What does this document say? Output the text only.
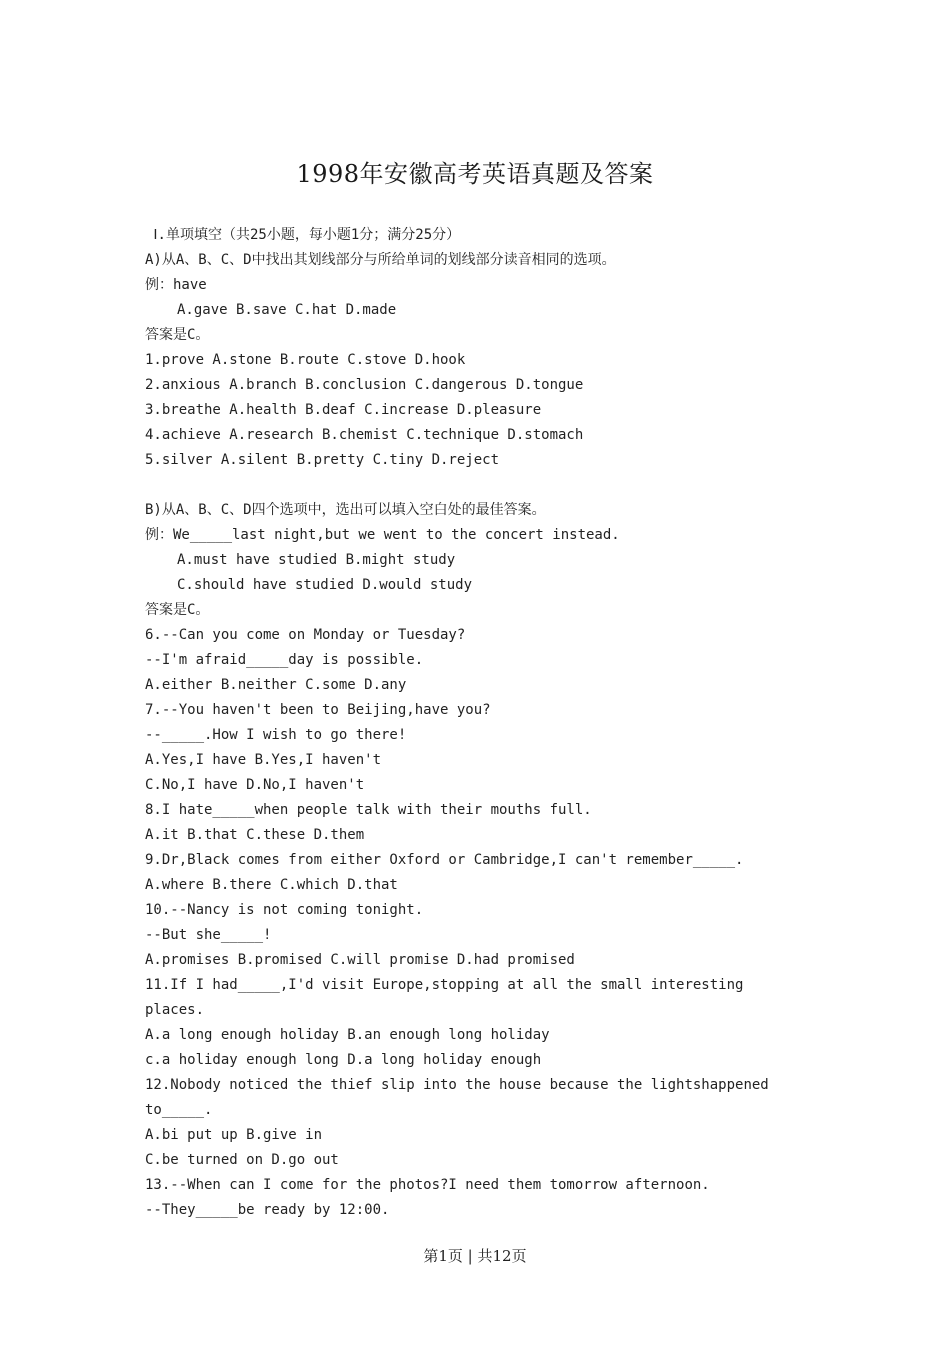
1998年安徽高考英语真题及答案
Ⅰ.单项填空（共25小题，每小题1分；满分25分）
A)从A、B、C、D中找出其划线部分与所给单词的划线部分读音相同的选项。
例：have
A.gave B.save C.hat D.made
答案是C。
1.prove A.stone B.route C.stove D.hook
2.anxious A.branch B.conclusion C.dangerous D.tongue
3.breathe A.health B.deaf C.increase D.pleasure
4.achieve A.research B.chemist C.technique D.stomach
5.silver A.silent B.pretty C.tiny D.reject
B)从A、B、C、D四个选项中，选出可以填入空白处的最佳答案。
例：We_____last night,but we went to the concert instead.
A.must have studied B.might study
C.should have studied D.would study
答案是C。
6.--Can you come on Monday or Tuesday?
--I'm afraid_____day is possible.
A.either B.neither C.some D.any
7.--You haven't been to Beijing,have you?
--_____.How I wish to go there!
A.Yes,I have B.Yes,I haven't
C.No,I have D.No,I haven't
8.I hate_____when people talk with their mouths full.
A.it B.that C.these D.them
9.Dr,Black comes from either Oxford or Cambridge,I can't remember_____.
A.where B.there C.which D.that
10.--Nancy is not coming tonight.
--But she_____!
A.promises B.promised C.will promise D.had promised
11.If I had_____,I'd visit Europe,stopping at all the small interesting
places.
A.a long enough holiday B.an enough long holiday
c.a holiday enough long D.a long holiday enough
12.Nobody noticed the thief slip into the house because the lightshappened
to_____.
A.bi put up B.give in
C.be turned on D.go out
13.--When can I come for the photos?I need them tomorrow afternoon.
--They_____be ready by 12:00.
第1页 | 共12页
